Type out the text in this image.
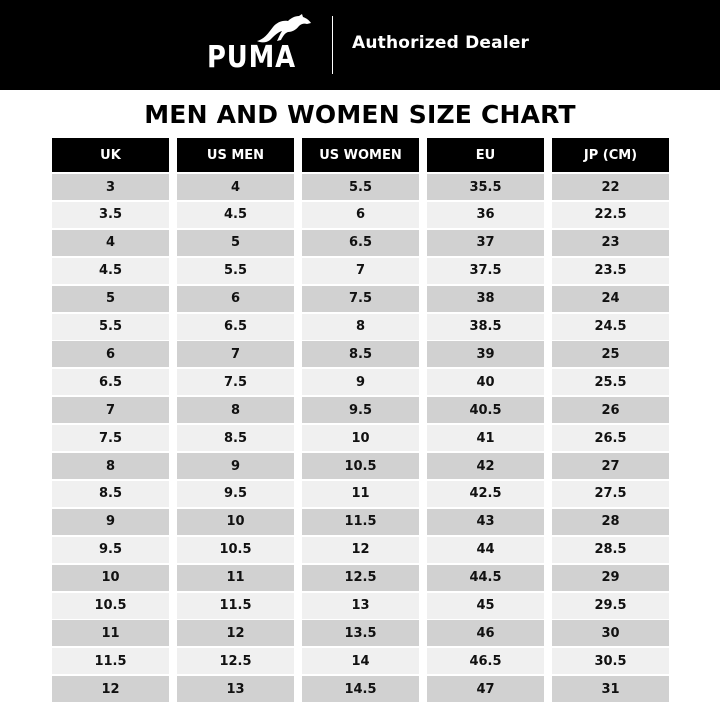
PUMA	Authorized Dealer
MEN AND WOMEN SIZE CHART
UK
3
3.5
4
4.5
5
5.5
6
6.5
7
7.5
8
8.5
9
9.5
10
10.5
11
11.5
12
US MEN
4
4.5
5
5.5
6
6.5
7
7.5
8
8.5
9
9.5
10
10.5
11
11.5
12
12.5
13
US WOMEN
5.5
6
6.5
7
7.5
8
8.5
9
9.5
10
10.5
11
11.5
12
12.5
13
13.5
14
14.5
EU
35.5
36
37
37.5
38
38.5
39
40
40.5
41
42
42.5
43
44
44.5
45
46
46.5
47
JP (CM)
22
22.5
23
23.5
24
24.5
25
25.5
26
26.5
27
27.5
28
28.5
29
29.5
30
30.5
31
